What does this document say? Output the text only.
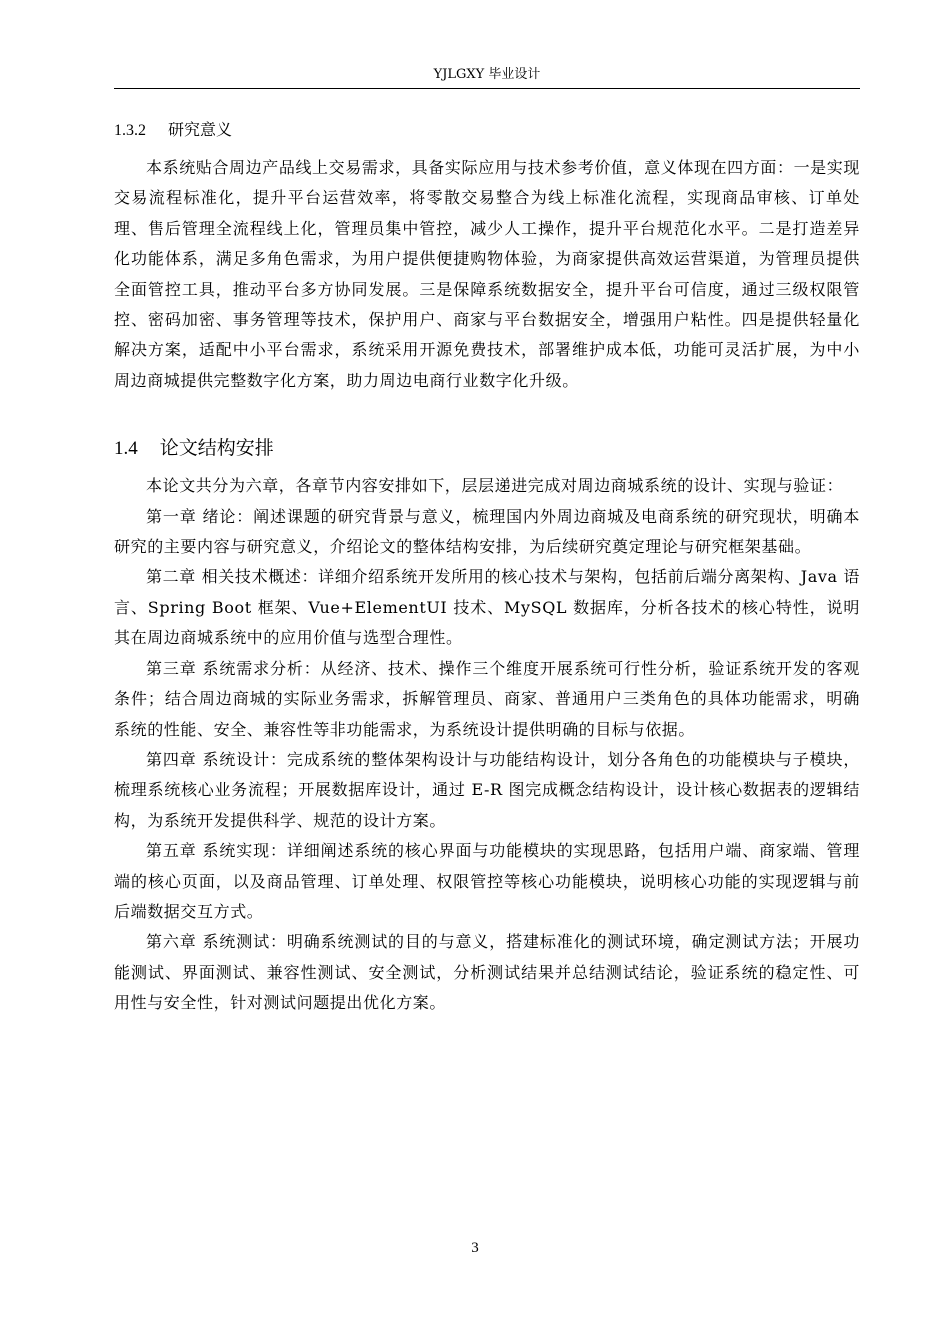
YJLGXY 毕业设计
1.3.2 研究意义

本系统贴合周边产品线上交易需求，具备实际应用与技术参考价值，意义体现在四方面：一是实现交易流程标准化，提升平台运营效率，将零散交易整合为线上标准化流程，实现商品审核、订单处理、售后管理全流程线上化，管理员集中管控，减少人工操作，提升平台规范化水平。二是打造差异化功能体系，满足多角色需求，为用户提供便捷购物体验，为商家提供高效运营渠道，为管理员提供全面管控工具，推动平台多方协同发展。三是保障系统数据安全，提升平台可信度，通过三级权限管控、密码加密、事务管理等技术，保护用户、商家与平台数据安全，增强用户粘性。四是提供轻量化解决方案，适配中小平台需求，系统采用开源免费技术，部署维护成本低，功能可灵活扩展，为中小周边商城提供完整数字化方案，助力周边电商行业数字化升级。

1.4 论文结构安排

本论文共分为六章，各章节内容安排如下，层层递进完成对周边商城系统的设计、实现与验证：

第一章 绪论：阐述课题的研究背景与意义，梳理国内外周边商城及电商系统的研究现状，明确本研究的主要内容与研究意义，介绍论文的整体结构安排，为后续研究奠定理论与研究框架基础。

第二章 相关技术概述：详细介绍系统开发所用的核心技术与架构，包括前后端分离架构、Java 语言、Spring Boot 框架、Vue+ElementUI 技术、MySQL 数据库，分析各技术的核心特性，说明其在周边商城系统中的应用价值与选型合理性。

第三章 系统需求分析：从经济、技术、操作三个维度开展系统可行性分析，验证系统开发的客观条件；结合周边商城的实际业务需求，拆解管理员、商家、普通用户三类角色的具体功能需求，明确系统的性能、安全、兼容性等非功能需求，为系统设计提供明确的目标与依据。

第四章 系统设计：完成系统的整体架构设计与功能结构设计，划分各角色的功能模块与子模块，梳理系统核心业务流程；开展数据库设计，通过 E-R 图完成概念结构设计，设计核心数据表的逻辑结构，为系统开发提供科学、规范的设计方案。

第五章 系统实现：详细阐述系统的核心界面与功能模块的实现思路，包括用户端、商家端、管理端的核心页面，以及商品管理、订单处理、权限管控等核心功能模块，说明核心功能的实现逻辑与前后端数据交互方式。

第六章 系统测试：明确系统测试的目的与意义，搭建标准化的测试环境，确定测试方法；开展功能测试、界面测试、兼容性测试、安全测试，分析测试结果并总结测试结论，验证系统的稳定性、可用性与安全性，针对测试问题提出优化方案。

3
